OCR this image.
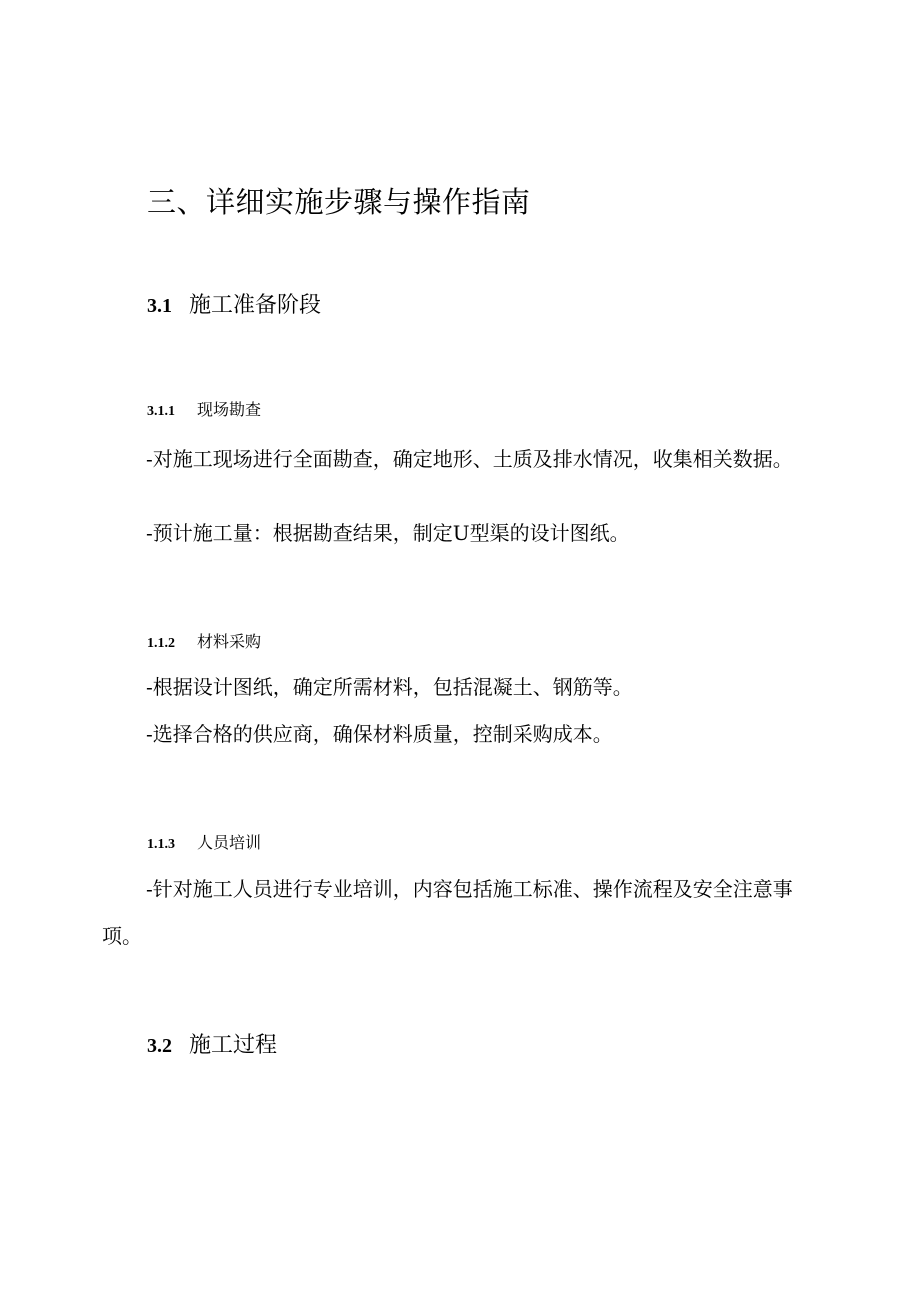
三、详细实施步骤与操作指南
3.1 施工准备阶段
3.1.1 现场勘查

-对施工现场进行全面勘查，确定地形、土质及排水情况，收集相关数据。

-预计施工量：根据勘查结果，制定U型渠的设计图纸。

1.1.2 材料采购

-根据设计图纸，确定所需材料，包括混凝土、钢筋等。

-选择合格的供应商，确保材料质量，控制采购成本。

1.1.3 人员培训

-针对施工人员进行专业培训，内容包括施工标准、操作流程及安全注意事项。

3.2 施工过程
